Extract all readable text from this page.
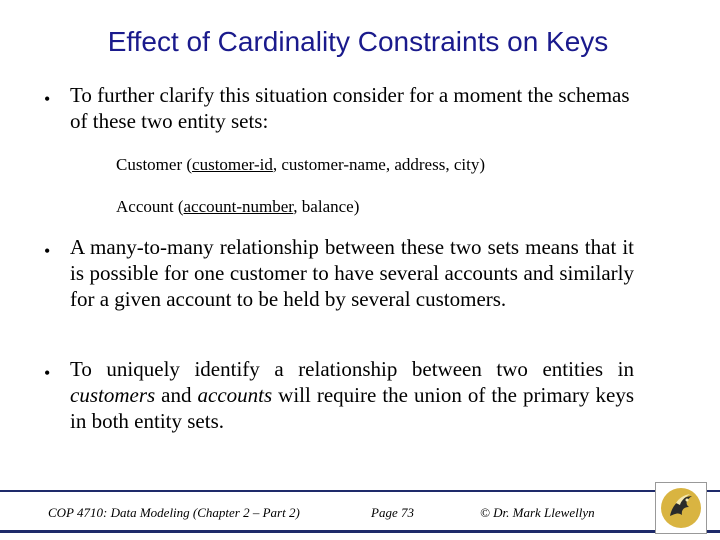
Effect of Cardinality Constraints on Keys
• To further clarify this situation consider for a moment the schemas of these two entity sets:
Customer (customer-id, customer-name, address, city)
Account (account-number, balance)
• A many-to-many relationship between these two sets means that it is possible for one customer to have several accounts and similarly for a given account to be held by several customers.
• To uniquely identify a relationship between two entities in customers and accounts will require the union of the primary keys in both entity sets.
COP 4710: Data Modeling (Chapter 2 – Part 2)	Page 73	© Dr. Mark Llewellyn
